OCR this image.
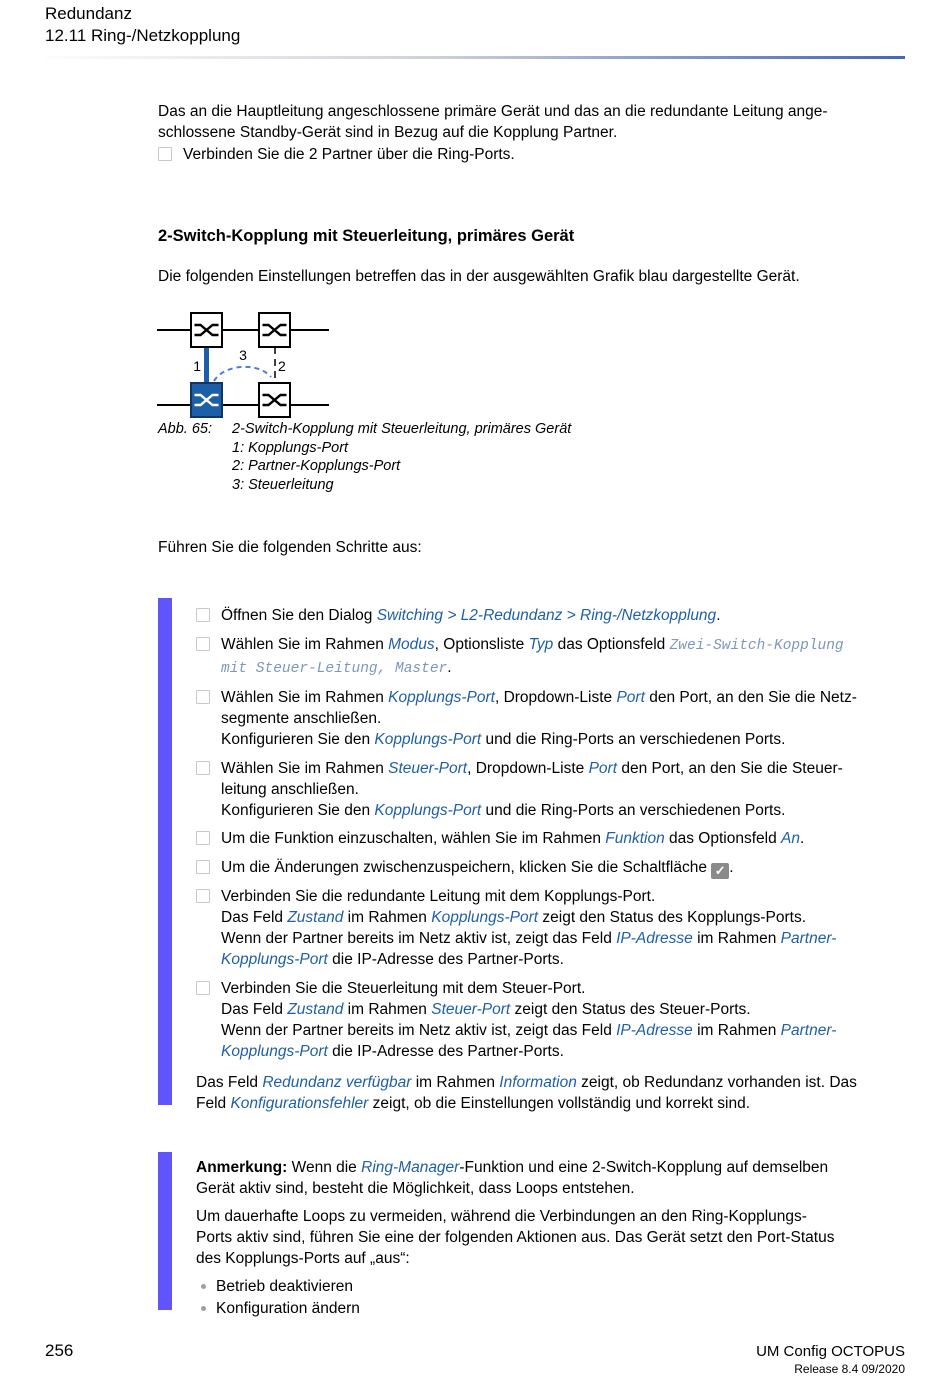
Redundanz
12.11 Ring-/Netzkopplung
Das an die Hauptleitung angeschlossene primäre Gerät und das an die redundante Leitung ange-
schlossene Standby-Gerät sind in Bezug auf die Kopplung Partner.
Verbinden Sie die 2 Partner über die Ring-Ports.
2-Switch-Kopplung mit Steuerleitung, primäres Gerät
Die folgenden Einstellungen betreffen das in der ausgewählten Grafik blau dargestellte Gerät.
1	2
3
Abb. 65:	2-Switch-Kopplung mit Steuerleitung, primäres Gerät
1: Kopplungs-Port
2: Partner-Kopplungs-Port
3: Steuerleitung
Führen Sie die folgenden Schritte aus:
Öffnen Sie den Dialog Switching > L2-Redundanz > Ring-/Netzkopplung.
Wählen Sie im Rahmen Modus, Optionsliste Typ das Optionsfeld Zwei-Switch-Kopplung
mit Steuer-Leitung, Master.
Wählen Sie im Rahmen Kopplungs-Port, Dropdown-Liste Port den Port, an den Sie die Netz-
segmente anschließen.
Konfigurieren Sie den Kopplungs-Port und die Ring-Ports an verschiedenen Ports.
Wählen Sie im Rahmen Steuer-Port, Dropdown-Liste Port den Port, an den Sie die Steuer-
leitung anschließen.
Konfigurieren Sie den Kopplungs-Port und die Ring-Ports an verschiedenen Ports.
Um die Funktion einzuschalten, wählen Sie im Rahmen Funktion das Optionsfeld An.
Um die Änderungen zwischenzuspeichern, klicken Sie die Schaltfläche ✓ .
Verbinden Sie die redundante Leitung mit dem Kopplungs-Port.
Das Feld Zustand im Rahmen Kopplungs-Port zeigt den Status des Kopplungs-Ports.
Wenn der Partner bereits im Netz aktiv ist, zeigt das Feld IP-Adresse im Rahmen Partner-
Kopplungs-Port die IP-Adresse des Partner-Ports.
Verbinden Sie die Steuerleitung mit dem Steuer-Port.
Das Feld Zustand im Rahmen Steuer-Port zeigt den Status des Steuer-Ports.
Wenn der Partner bereits im Netz aktiv ist, zeigt das Feld IP-Adresse im Rahmen Partner-
Kopplungs-Port die IP-Adresse des Partner-Ports.
Das Feld Redundanz verfügbar im Rahmen Information zeigt, ob Redundanz vorhanden ist. Das
Feld Konfigurationsfehler zeigt, ob die Einstellungen vollständig und korrekt sind.
Anmerkung: Wenn die Ring-Manager-Funktion und eine 2-Switch-Kopplung auf demselben
Gerät aktiv sind, besteht die Möglichkeit, dass Loops entstehen.
Um dauerhafte Loops zu vermeiden, während die Verbindungen an den Ring-Kopplungs-
Ports aktiv sind, führen Sie eine der folgenden Aktionen aus. Das Gerät setzt den Port-Status
des Kopplungs-Ports auf „aus“:
Betrieb deaktivieren
Konfiguration ändern
256	UM Config OCTOPUS
Release 8.4 09/2020
